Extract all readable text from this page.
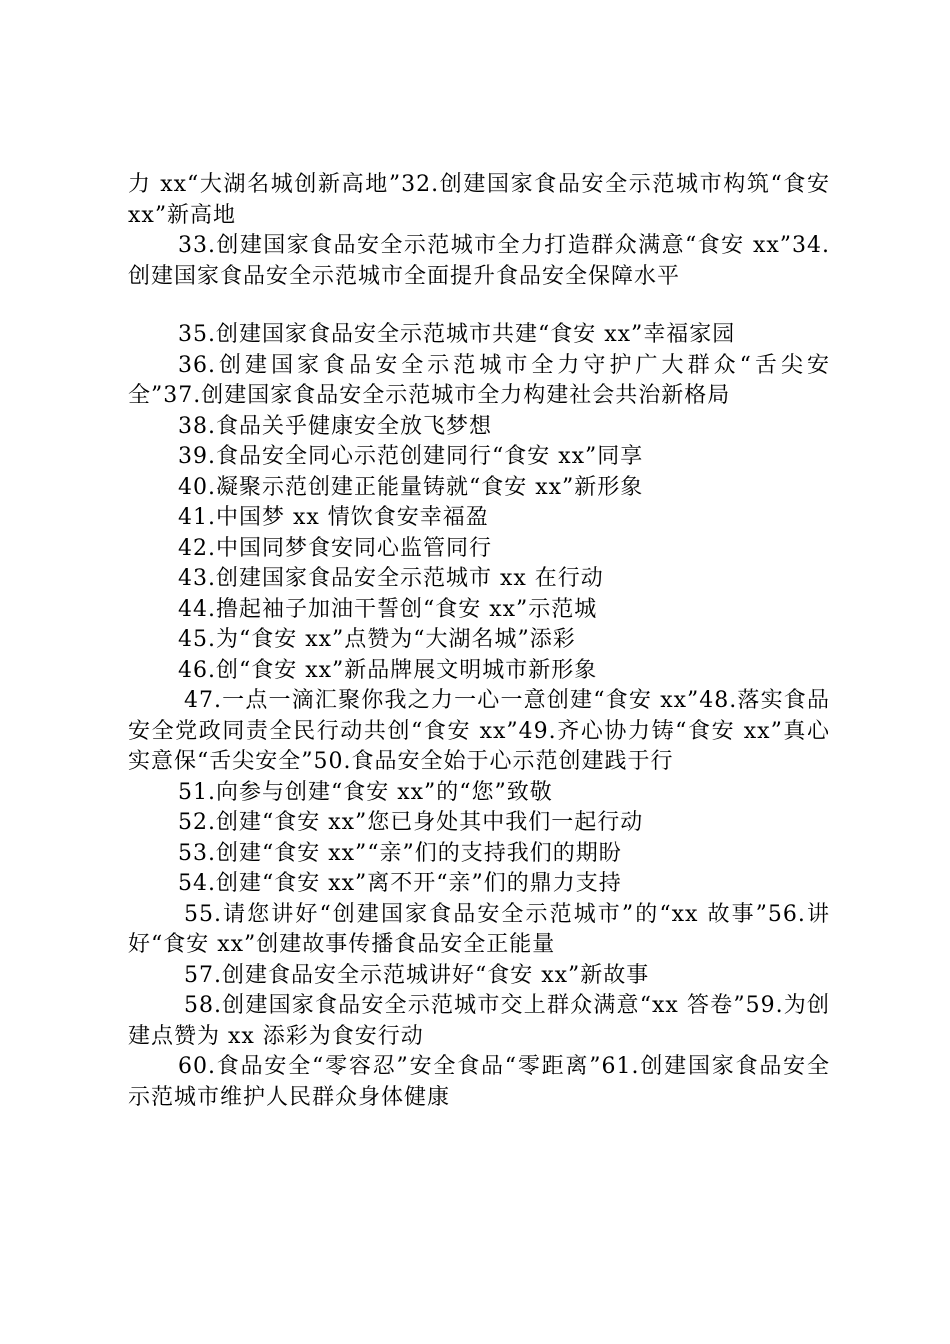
力 xx“大湖名城创新高地”32.创建国家食品安全示范城市构筑“食安 xx”新高地

33.创建国家食品安全示范城市全力打造群众满意“食安 xx”34.创建国家食品安全示范城市全面提升食品安全保障水平

35.创建国家食品安全示范城市共建“食安 xx”幸福家园

36.创建国家食品安全示范城市全力守护广大群众“舌尖安全”37.创建国家食品安全示范城市全力构建社会共治新格局

38.食品关乎健康安全放飞梦想

39.食品安全同心示范创建同行“食安 xx”同享

40.凝聚示范创建正能量铸就“食安 xx”新形象

41.中国梦 xx 情饮食安幸福盈

42.中国同梦食安同心监管同行

43.创建国家食品安全示范城市 xx 在行动

44.撸起袖子加油干誓创“食安 xx”示范城

45.为“食安 xx”点赞为“大湖名城”添彩

46.创“食安 xx”新品牌展文明城市新形象

47.一点一滴汇聚你我之力一心一意创建“食安 xx”48.落实食品安全党政同责全民行动共创“食安 xx”49.齐心协力铸“食安 xx”真心实意保“舌尖安全”50.食品安全始于心示范创建践于行

51.向参与创建“食安 xx”的“您”致敬

52.创建“食安 xx”您已身处其中我们一起行动

53.创建“食安 xx”“亲”们的支持我们的期盼

54.创建“食安 xx”离不开“亲”们的鼎力支持

55.请您讲好“创建国家食品安全示范城市”的“xx 故事”56.讲好“食安 xx”创建故事传播食品安全正能量

57.创建食品安全示范城讲好“食安 xx”新故事

58.创建国家食品安全示范城市交上群众满意“xx 答卷”59.为创建点赞为 xx 添彩为食安行动

60.食品安全“零容忍”安全食品“零距离”61.创建国家食品安全示范城市维护人民群众身体健康
